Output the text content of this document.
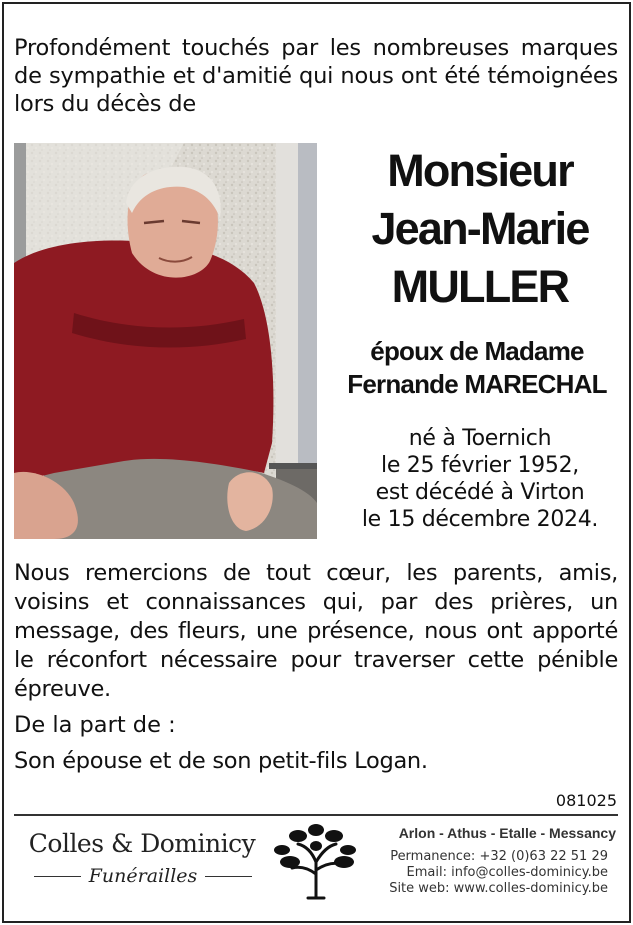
Profondément touchés par les nombreuses marques de sympathie et d'amitié qui nous ont été témoignées lors du décès de

Monsieur
Jean-Marie
MULLER
époux de Madame
Fernande MARECHAL
né à Toernich
le 25 février 1952,
est décédé à Virton
le 15 décembre 2024.

Nous remercions de tout cœur, les parents, amis, voisins et connaissances qui, par des prières, un message, des fleurs, une présence, nous ont apporté le réconfort nécessaire pour traverser cette pénible épreuve.

De la part de :

Son épouse et de son petit-fils Logan.

081025
Colles & Dominicy
Funérailles
Arlon - Athus - Etalle - Messancy
Permanence: +32 (0)63 22 51 29
Email: info@colles-dominicy.be
Site web: www.colles-dominicy.be
